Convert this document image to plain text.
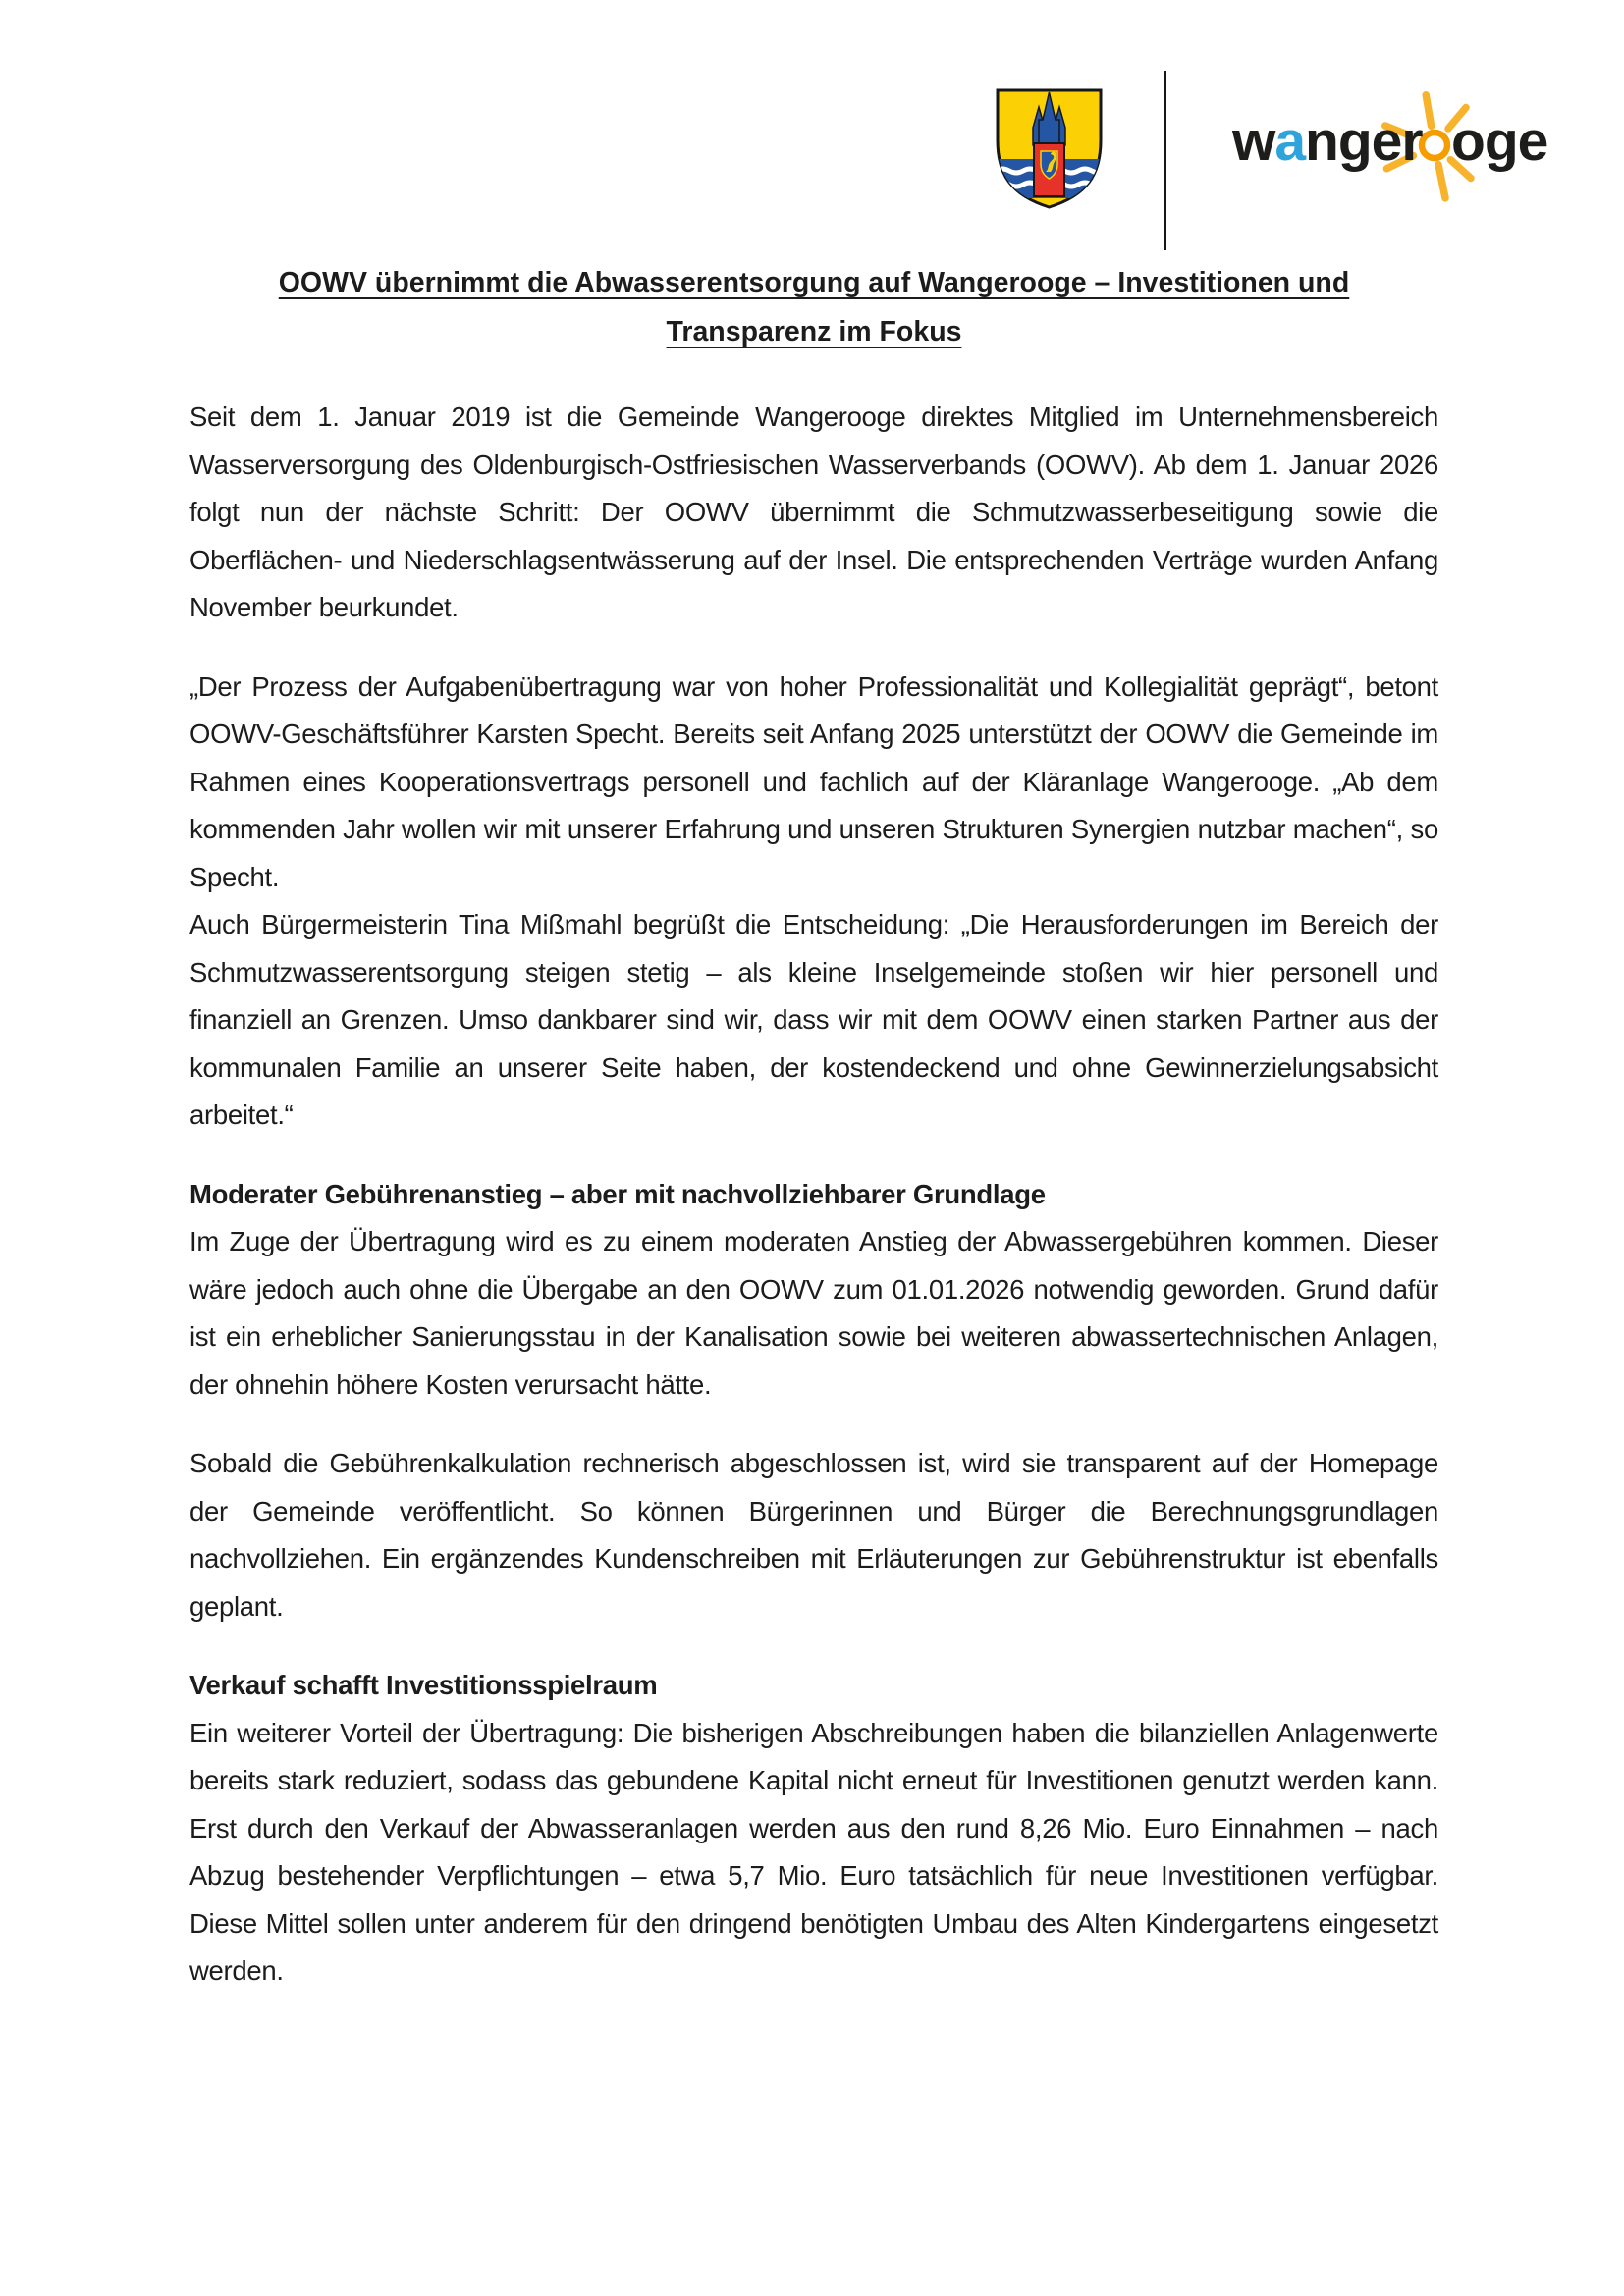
wanger oge
OOWV übernimmt die Abwasserentsorgung auf Wangerooge – Investitionen und
Transparenz im Fokus

Seit dem 1. Januar 2019 ist die Gemeinde Wangerooge direktes Mitglied im Unternehmensbereich Wasserversorgung des Oldenburgisch-Ostfriesischen Wasserverbands (OOWV). Ab dem 1. Januar 2026 folgt nun der nächste Schritt: Der OOWV übernimmt die Schmutzwasserbeseitigung sowie die Oberflächen- und Niederschlagsentwässerung auf der Insel. Die entsprechenden Verträge wurden Anfang November beurkundet.

„Der Prozess der Aufgabenübertragung war von hoher Professionalität und Kollegialität geprägt“, betont OOWV-Geschäftsführer Karsten Specht. Bereits seit Anfang 2025 unterstützt der OOWV die Gemeinde im Rahmen eines Kooperationsvertrags personell und fachlich auf der Kläranlage Wangerooge. „Ab dem kommenden Jahr wollen wir mit unserer Erfahrung und unseren Strukturen Synergien nutzbar machen“, so Specht.

Auch Bürgermeisterin Tina Mißmahl begrüßt die Entscheidung: „Die Herausforderungen im Bereich der Schmutzwasserentsorgung steigen stetig – als kleine Inselgemeinde stoßen wir hier personell und finanziell an Grenzen. Umso dankbarer sind wir, dass wir mit dem OOWV einen starken Partner aus der kommunalen Familie an unserer Seite haben, der kostendeckend und ohne Gewinnerzielungsabsicht arbeitet.“

Moderater Gebührenanstieg – aber mit nachvollziehbarer Grundlage

Im Zuge der Übertragung wird es zu einem moderaten Anstieg der Abwassergebühren kommen. Dieser wäre jedoch auch ohne die Übergabe an den OOWV zum 01.01.2026 notwendig geworden. Grund dafür ist ein erheblicher Sanierungsstau in der Kanalisation sowie bei weiteren abwassertechnischen Anlagen, der ohnehin höhere Kosten verursacht hätte.

Sobald die Gebührenkalkulation rechnerisch abgeschlossen ist, wird sie transparent auf der Homepage der Gemeinde veröffentlicht. So können Bürgerinnen und Bürger die Berechnungsgrundlagen nachvollziehen. Ein ergänzendes Kundenschreiben mit Erläuterungen zur Gebührenstruktur ist ebenfalls geplant.

Verkauf schafft Investitionsspielraum

Ein weiterer Vorteil der Übertragung: Die bisherigen Abschreibungen haben die bilanziellen Anlagenwerte bereits stark reduziert, sodass das gebundene Kapital nicht erneut für Investitionen genutzt werden kann. Erst durch den Verkauf der Abwasseranlagen werden aus den rund 8,26 Mio. Euro Einnahmen – nach Abzug bestehender Verpflichtungen – etwa 5,7 Mio. Euro tatsächlich für neue Investitionen verfügbar. Diese Mittel sollen unter anderem für den dringend benötigten Umbau des Alten Kindergartens eingesetzt werden.
